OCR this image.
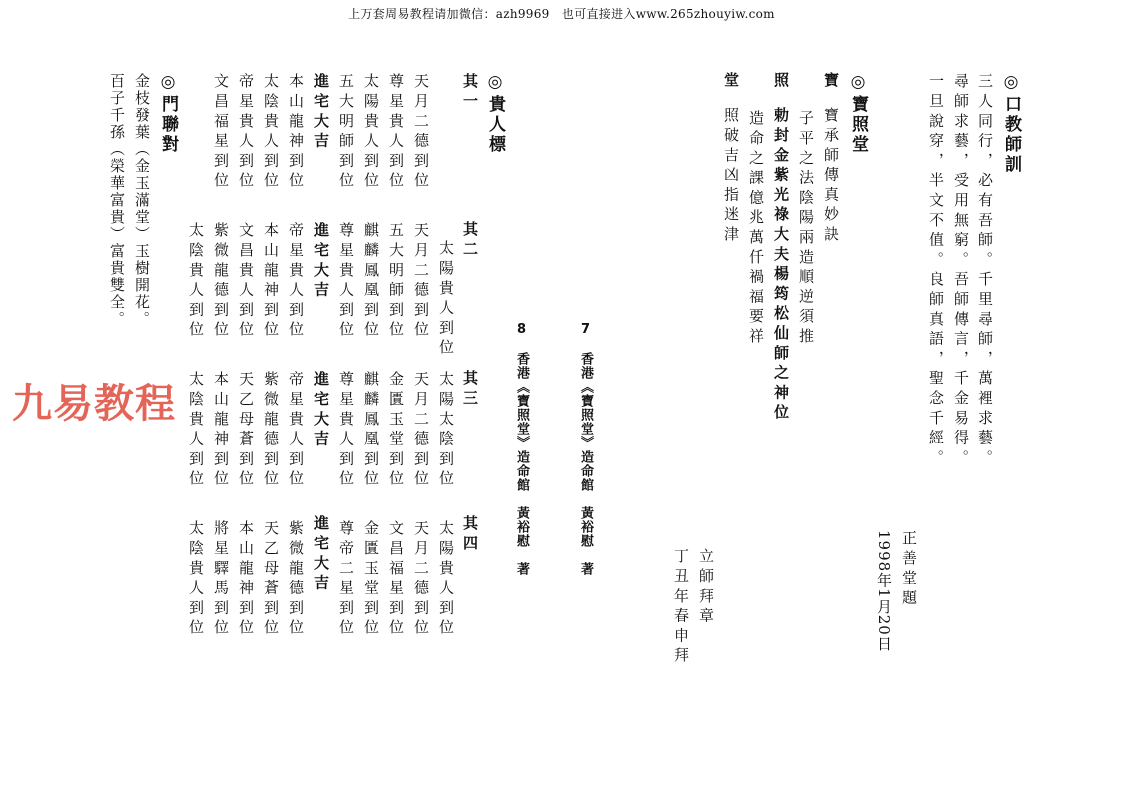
上万套周易教程请加微信：azh9969　也可直接进入www.265zhouyiw.com
◎口教師訓
三人同行，必有吾師。千里尋師，萬裡求藝。
尋師求藝，受用無窮。吾師傳言，千金易得。
一旦說穿，半文不值。良師真語，聖念千經。
正善堂題
1998年1月20日
◎寶照堂
寶
寶承師傳真妙訣
子平之法陰陽兩造順逆須推
照
勅封金紫光祿大夫楊筠松仙師之神位
造命之課億兆萬仟禍福要祥
堂
照破吉凶指迷津
立師拜章
丁丑年春申拜
7　香港《寶照堂》造命館　黃裕慰　著
8　香港《寶照堂》造命館　黃裕慰　著
◎貴人標
其一
天月二德到位
尊星貴人到位
太陽貴人到位
五大明師到位
進宅大吉
本山龍神到位
太陰貴人到位
帝星貴人到位
文昌福星到位
其二
太陽貴人到位
天月二德到位
五大明師到位
麒麟鳳凰到位
尊星貴人到位
進宅大吉
帝星貴人到位
本山龍神到位
文昌貴人到位
紫微龍德到位
太陰貴人到位
其三
太陽太陰到位
天月二德到位
金匱玉堂到位
麒麟鳳凰到位
尊星貴人到位
進宅大吉
帝星貴人到位
紫微龍德到位
天乙母蒼到位
本山龍神到位
太陰貴人到位
其四
太陽貴人到位
天月二德到位
文昌福星到位
金匱玉堂到位
尊帝二星到位
進宅大吉
紫微龍德到位
天乙母蒼到位
本山龍神到位
將星驛馬到位
太陰貴人到位
◎門聯對
金枝發葉（金玉滿堂）玉樹開花。
百子千孫（榮華富貴）富貴雙全。
九易教程
